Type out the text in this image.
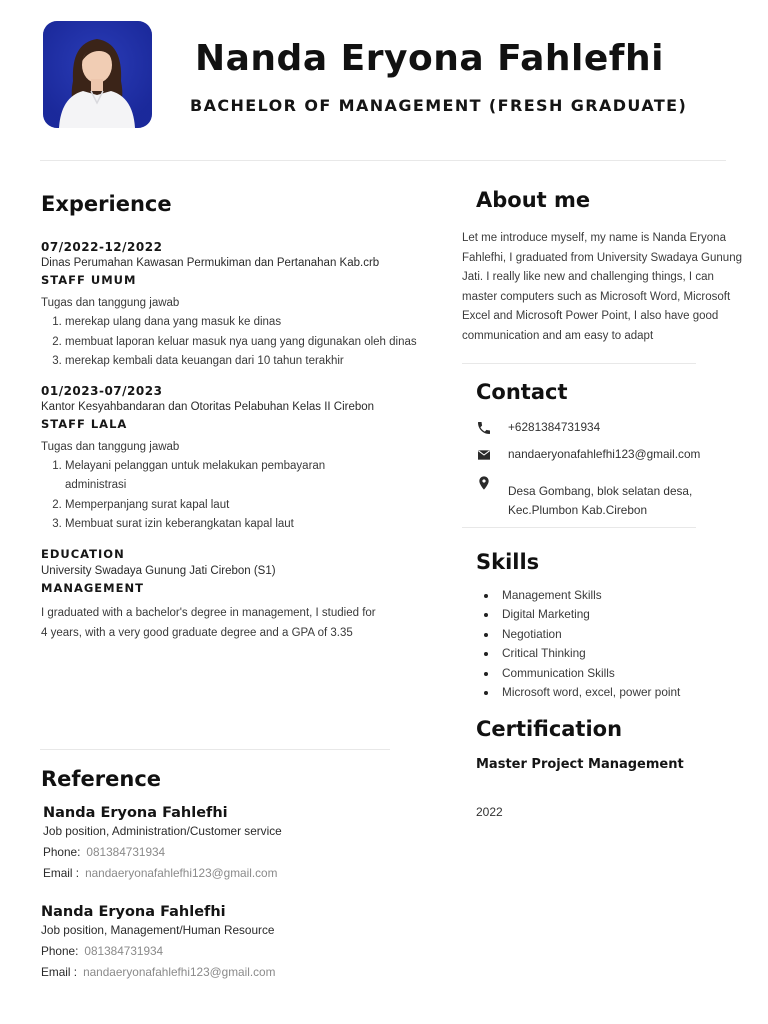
Nanda Eryona Fahlefhi

BACHELOR OF MANAGEMENT (FRESH GRADUATE)

Experience
07/2022-12/2022
Dinas Perumahan Kawasan Permukiman dan Pertanahan Kab.crb
STAFF UMUM
Tugas dan tanggung jawab
1. merekap ulang dana yang masuk ke dinas
2. membuat laporan keluar masuk nya uang yang digunakan oleh dinas
3. merekap kembali data keuangan dari 10 tahun terakhir
01/2023-07/2023
Kantor Kesyahbandaran dan Otoritas Pelabuhan Kelas II Cirebon
STAFF LALA
Tugas dan tanggung jawab
1. Melayani pelanggan untuk melakukan pembayaran administrasi
2. Memperpanjang surat kapal laut
3. Membuat surat izin keberangkatan kapal laut
EDUCATION
University Swadaya Gunung Jati Cirebon (S1)
MANAGEMENT
I graduated with a bachelor's degree in management, I studied for 4 years, with a very good graduate degree and a GPA of 3.35
Reference
Nanda Eryona Fahlefhi
Job position, Administration/Customer service
Phone: 081384731934
Email : nandaeryonafahlefhi123@gmail.com
Nanda Eryona Fahlefhi
Job position, Management/Human Resource
Phone: 081384731934
Email : nandaeryonafahlefhi123@gmail.com
About me
Let me introduce myself, my name is Nanda Eryona Fahlefhi, I graduated from University Swadaya Gunung Jati. I really like new and challenging things, I can master computers such as Microsoft Word, Microsoft Excel and Microsoft Power Point, I also have good communication and am easy to adapt
Contact
+6281384731934
nandaeryonafahlefhi123@gmail.com
Desa Gombang, blok selatan desa,
Kec.Plumbon Kab.Cirebon
Skills
Management Skills
Digital Marketing
Negotiation
Critical Thinking
Communication Skills
Microsoft word, excel, power point
Certification
Master Project Management
2022
